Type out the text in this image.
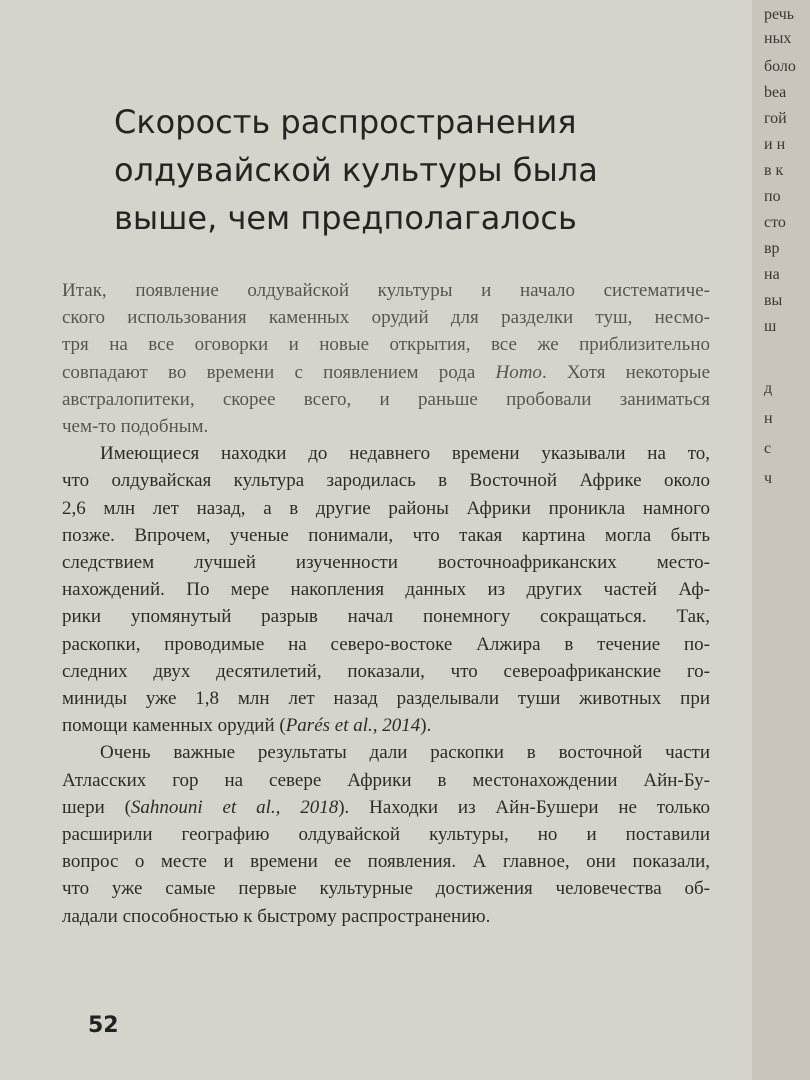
Скорость распространения
олдувайской культуры была
выше, чем предполагалось
Итак, появление олдувайской культуры и начало систематиче-
ского использования каменных орудий для разделки туш, несмо-
тря на все оговорки и новые открытия, все же приблизительно
совпадают во времени с появлением рода Homo. Хотя некоторые
австралопитеки, скорее всего, и раньше пробовали заниматься
чем-то подобным.
Имеющиеся находки до недавнего времени указывали на то,
что олдувайская культура зародилась в Восточной Африке около
2,6 млн лет назад, а в другие районы Африки проникла намного
позже. Впрочем, ученые понимали, что такая картина могла быть
следствием лучшей изученности восточноафриканских место-
нахождений. По мере накопления данных из других частей Аф-
рики упомянутый разрыв начал понемногу сокращаться. Так,
раскопки, проводимые на северо-востоке Алжира в течение по-
следних двух десятилетий, показали, что североафриканские го-
миниды уже 1,8 млн лет назад разделывали туши животных при
помощи каменных орудий (Parés et al., 2014).
Очень важные результаты дали раскопки в восточной части
Атласских гор на севере Африки в местонахождении Айн-Бу-
шери (Sahnouni et al., 2018). Находки из Айн-Бушери не только
расширили географию олдувайской культуры, но и поставили
вопрос о месте и времени ее появления. А главное, они показали,
что уже самые первые культурные достижения человечества об-
ладали способностью к быстрому распространению.
52
речь
ных
боло
bea
гой
и н
в к
по
сто
вр
на
вы
ш
д
н
с
ч
